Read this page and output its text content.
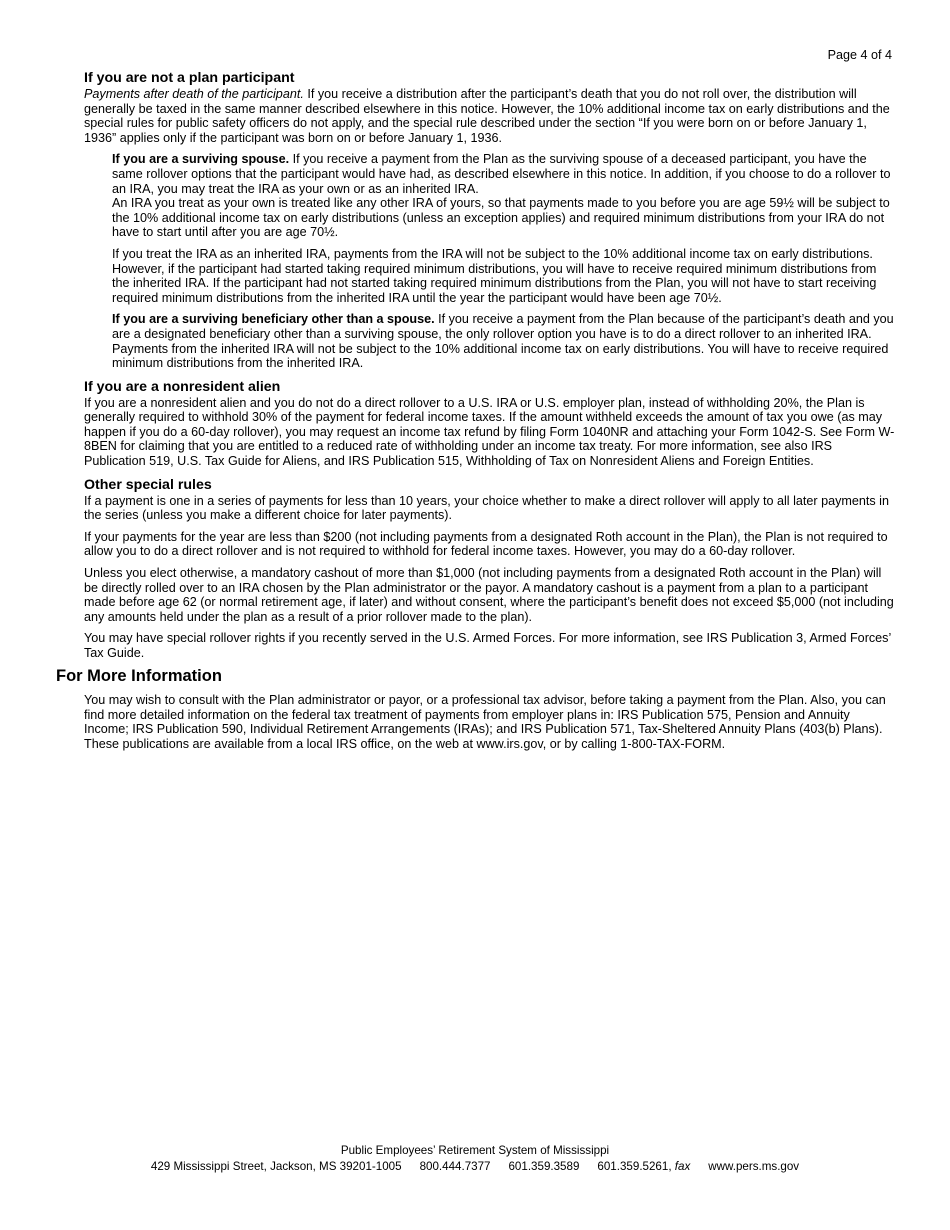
Page 4 of 4
If you are not a plan participant

Payments after death of the participant. If you receive a distribution after the participant’s death that you do not roll over, the distribution will generally be taxed in the same manner described elsewhere in this notice. However, the 10% additional income tax on early distributions and the special rules for public safety officers do not apply, and the special rule described under the section “If you were born on or before January 1, 1936” applies only if the participant was born on or before January 1, 1936.

If you are a surviving spouse. If you receive a payment from the Plan as the surviving spouse of a deceased participant, you have the same rollover options that the participant would have had, as described elsewhere in this notice. In addition, if you choose to do a rollover to an IRA, you may treat the IRA as your own or as an inherited IRA.

An IRA you treat as your own is treated like any other IRA of yours, so that payments made to you before you are age 59½ will be subject to the 10% additional income tax on early distributions (unless an exception applies) and required minimum distributions from your IRA do not have to start until after you are age 70½.

If you treat the IRA as an inherited IRA, payments from the IRA will not be subject to the 10% additional income tax on early distributions. However, if the participant had started taking required minimum distributions, you will have to receive required minimum distributions from the inherited IRA. If the participant had not started taking required minimum distributions from the Plan, you will not have to start receiving required minimum distributions from the inherited IRA until the year the participant would have been age 70½.

If you are a surviving beneficiary other than a spouse. If you receive a payment from the Plan because of the participant’s death and you are a designated beneficiary other than a surviving spouse, the only rollover option you have is to do a direct rollover to an inherited IRA. Payments from the inherited IRA will not be subject to the 10% additional income tax on early distributions. You will have to receive required minimum distributions from the inherited IRA.

If you are a nonresident alien

If you are a nonresident alien and you do not do a direct rollover to a U.S. IRA or U.S. employer plan, instead of withholding 20%, the Plan is generally required to withhold 30% of the payment for federal income taxes. If the amount withheld exceeds the amount of tax you owe (as may happen if you do a 60-day rollover), you may request an income tax refund by filing Form 1040NR and attaching your Form 1042-S. See Form W-8BEN for claiming that you are entitled to a reduced rate of withholding under an income tax treaty. For more information, see also IRS Publication 519, U.S. Tax Guide for Aliens, and IRS Publication 515, Withholding of Tax on Nonresident Aliens and Foreign Entities.

Other special rules

If a payment is one in a series of payments for less than 10 years, your choice whether to make a direct rollover will apply to all later payments in the series (unless you make a different choice for later payments).

If your payments for the year are less than $200 (not including payments from a designated Roth account in the Plan), the Plan is not required to allow you to do a direct rollover and is not required to withhold for federal income taxes. However, you may do a 60-day rollover.

Unless you elect otherwise, a mandatory cashout of more than $1,000 (not including payments from a designated Roth account in the Plan) will be directly rolled over to an IRA chosen by the Plan administrator or the payor. A mandatory cashout is a payment from a plan to a participant made before age 62 (or normal retirement age, if later) and without consent, where the participant’s benefit does not exceed $5,000 (not including any amounts held under the plan as a result of a prior rollover made to the plan).

You may have special rollover rights if you recently served in the U.S. Armed Forces. For more information, see IRS Publication 3, Armed Forces’ Tax Guide.

For More Information
You may wish to consult with the Plan administrator or payor, or a professional tax advisor, before taking a payment from the Plan. Also, you can find more detailed information on the federal tax treatment of payments from employer plans in: IRS Publication 575, Pension and Annuity Income; IRS Publication 590, Individual Retirement Arrangements (IRAs); and IRS Publication 571, Tax-Sheltered Annuity Plans (403(b) Plans). These publications are available from a local IRS office, on the web at www.irs.gov, or by calling 1-800-TAX-FORM.
Public Employees’ Retirement System of Mississippi
429 Mississippi Street, Jackson, MS 39201-1005 800.444.7377 601.359.3589 601.359.5261, fax www.pers.ms.gov
